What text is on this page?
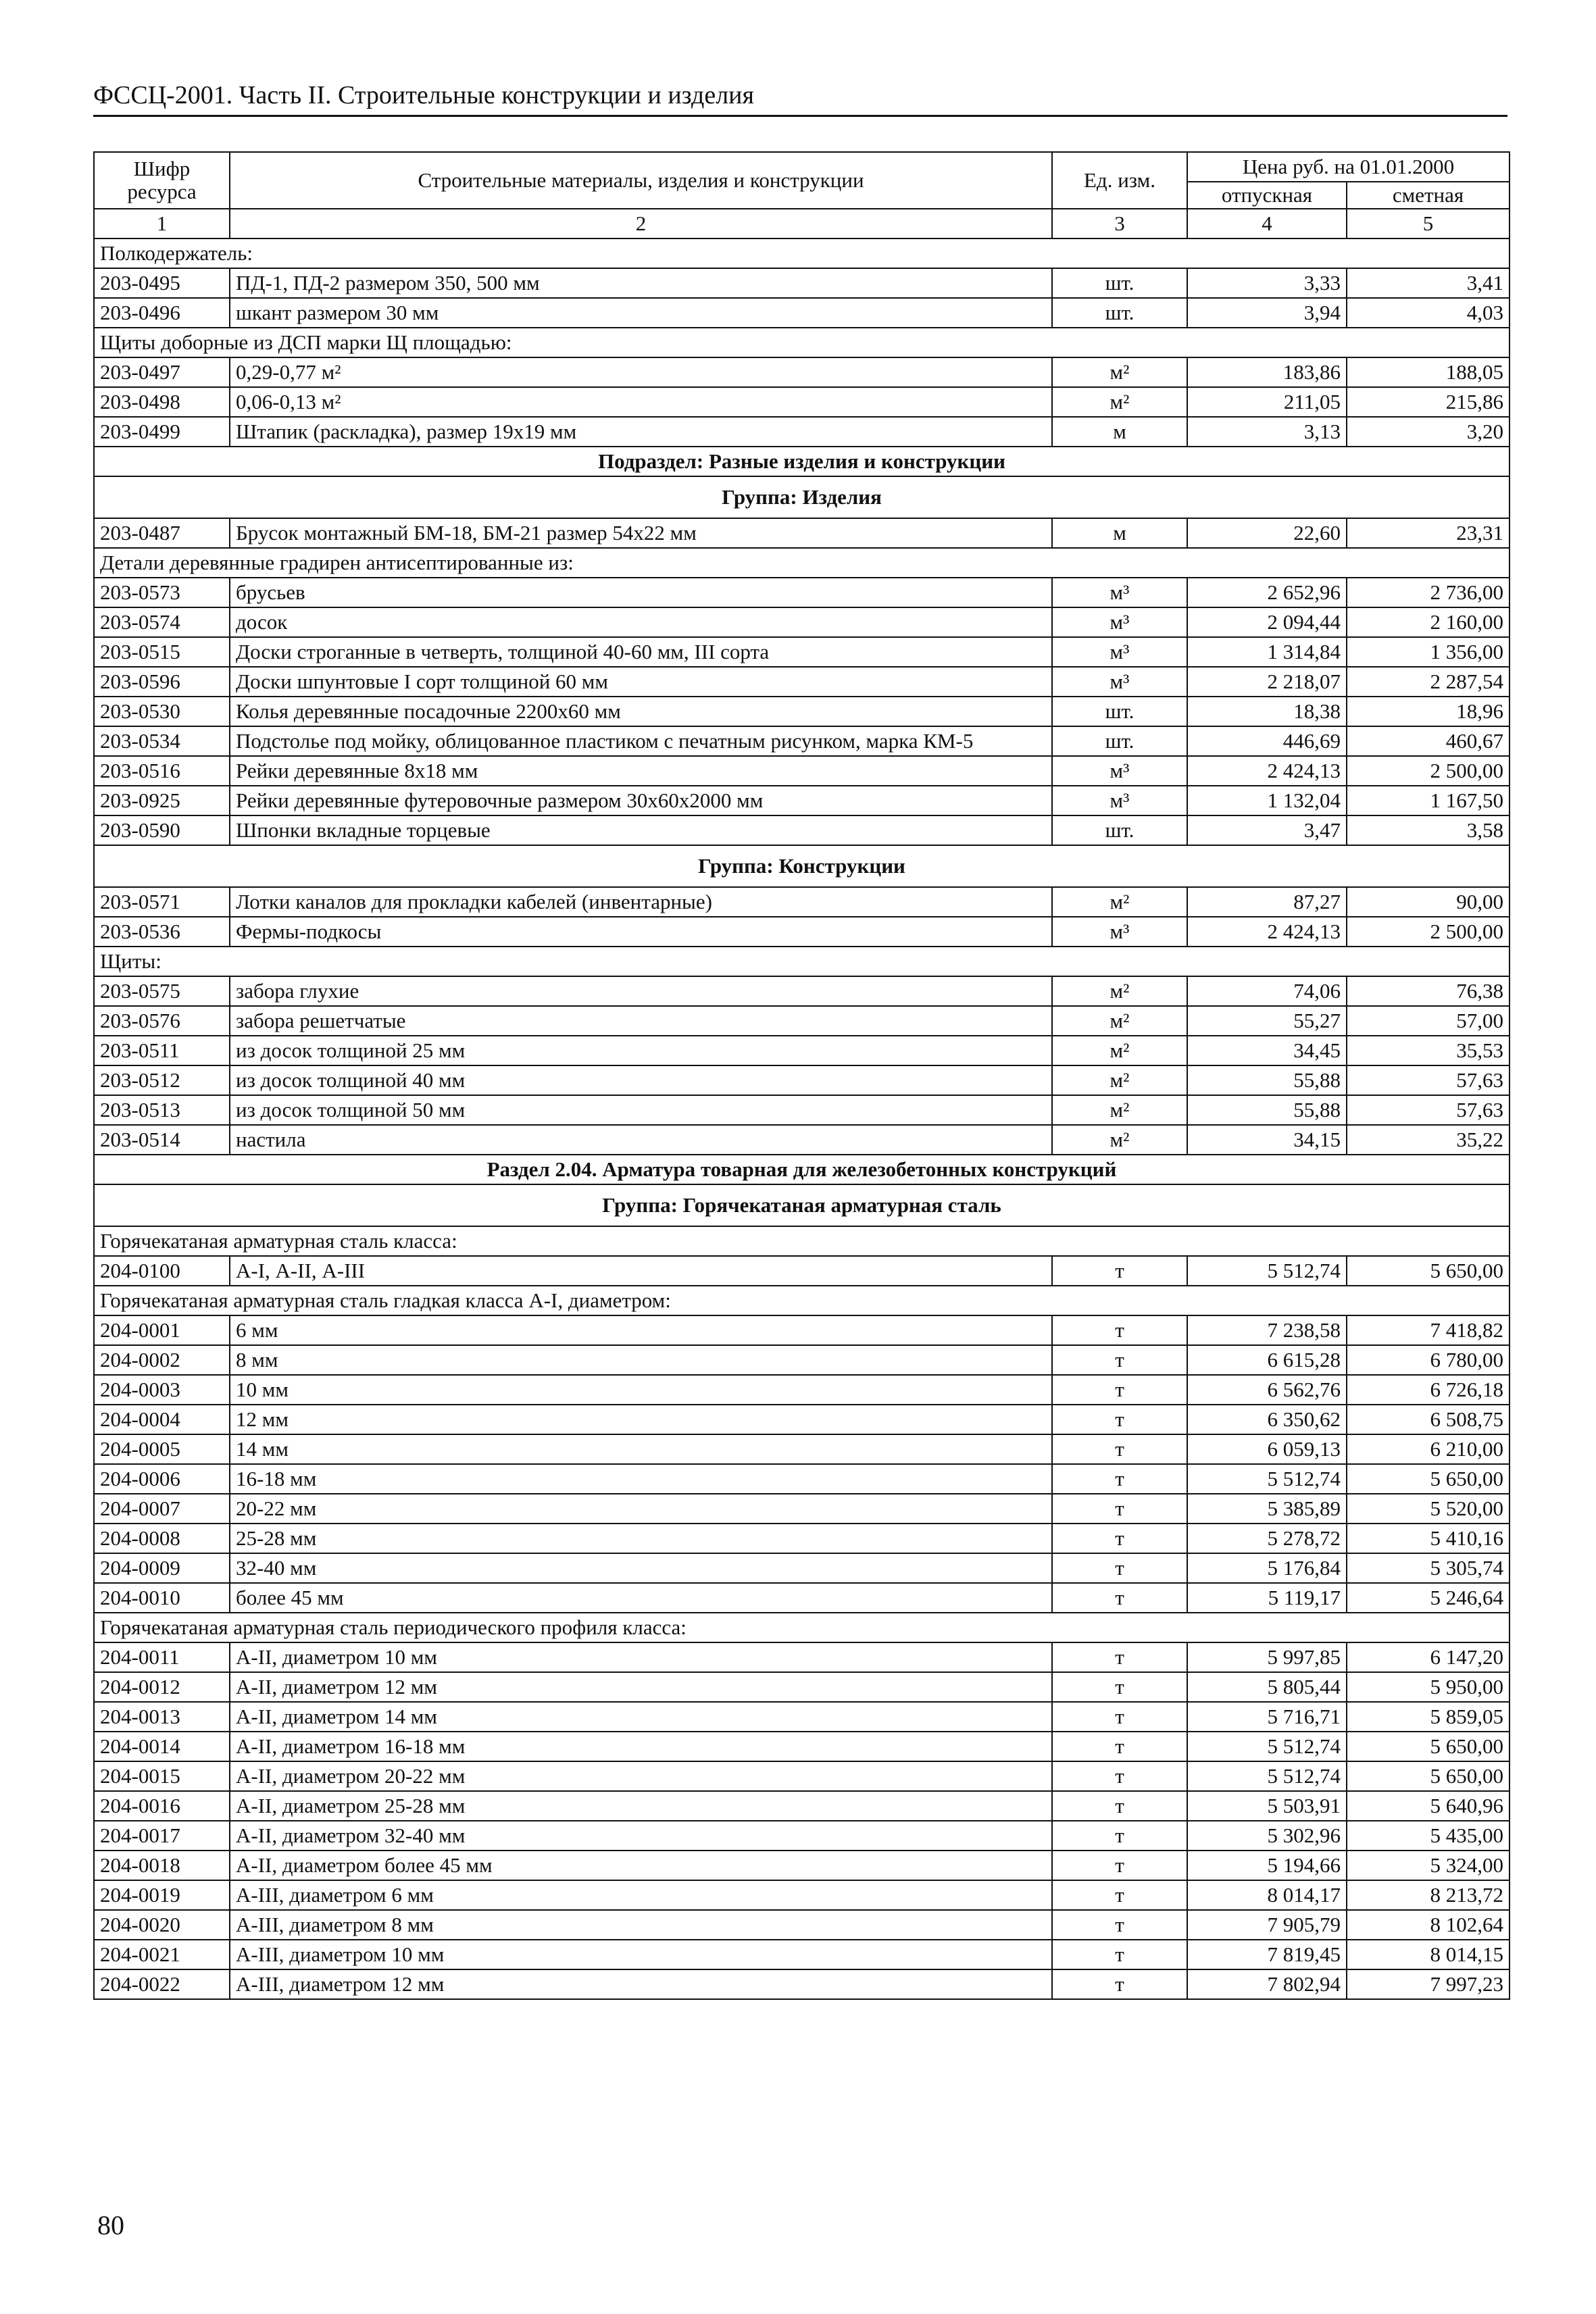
ФССЦ-2001. Часть II. Строительные конструкции и изделия
Шифр ресурса	Строительные материалы, изделия и конструкции	Ед. изм.	Цена руб. на 01.01.2000	
			отпускная	сметная
1	2	3	4	5
Полкодержатель:				
203-0495	ПД-1, ПД-2 размером 350, 500 мм	шт.	3,33	3,41
203-0496	шкант размером 30 мм	шт.	3,94	4,03
Щиты доборные из ДСП марки Щ площадью:				
203-0497	0,29-0,77 м²	м²	183,86	188,05
203-0498	0,06-0,13 м²	м²	211,05	215,86
203-0499	Штапик (раскладка), размер 19x19 мм	м	3,13	3,20
Подраздел: Разные изделия и конструкции				
Группа: Изделия				
203-0487	Брусок монтажный БМ-18, БМ-21 размер 54x22 мм	м	22,60	23,31
Детали деревянные градирен антисептированные из:				
203-0573	брусьев	м³	2 652,96	2 736,00
203-0574	досок	м³	2 094,44	2 160,00
203-0515	Доски строганные в четверть, толщиной 40-60 мм, III сорта	м³	1 314,84	1 356,00
203-0596	Доски шпунтовые I сорт толщиной 60 мм	м³	2 218,07	2 287,54
203-0530	Колья деревянные посадочные 2200x60 мм	шт.	18,38	18,96
203-0534	Подстолье под мойку, облицованное пластиком с печатным рисунком, марка КМ-5	шт.	446,69	460,67
203-0516	Рейки деревянные 8x18 мм	м³	2 424,13	2 500,00
203-0925	Рейки деревянные футеровочные размером 30x60x2000 мм	м³	1 132,04	1 167,50
203-0590	Шпонки вкладные торцевые	шт.	3,47	3,58
Группа: Конструкции				
203-0571	Лотки каналов для прокладки кабелей (инвентарные)	м²	87,27	90,00
203-0536	Фермы-подкосы	м³	2 424,13	2 500,00
Щиты:				
203-0575	забора глухие	м²	74,06	76,38
203-0576	забора решетчатые	м²	55,27	57,00
203-0511	из досок толщиной 25 мм	м²	34,45	35,53
203-0512	из досок толщиной 40 мм	м²	55,88	57,63
203-0513	из досок толщиной 50 мм	м²	55,88	57,63
203-0514	настила	м²	34,15	35,22
Раздел 2.04. Арматура товарная для железобетонных конструкций				
Группа: Горячекатаная арматурная сталь				
Горячекатаная арматурная сталь класса:				
204-0100	А-I, А-II, А-III	т	5 512,74	5 650,00
Горячекатаная арматурная сталь гладкая класса А-I, диаметром:				
204-0001	6 мм	т	7 238,58	7 418,82
204-0002	8 мм	т	6 615,28	6 780,00
204-0003	10 мм	т	6 562,76	6 726,18
204-0004	12 мм	т	6 350,62	6 508,75
204-0005	14 мм	т	6 059,13	6 210,00
204-0006	16-18 мм	т	5 512,74	5 650,00
204-0007	20-22 мм	т	5 385,89	5 520,00
204-0008	25-28 мм	т	5 278,72	5 410,16
204-0009	32-40 мм	т	5 176,84	5 305,74
204-0010	более 45 мм	т	5 119,17	5 246,64
Горячекатаная арматурная сталь периодического профиля класса:				
204-0011	А-II, диаметром 10 мм	т	5 997,85	6 147,20
204-0012	А-II, диаметром 12 мм	т	5 805,44	5 950,00
204-0013	А-II, диаметром 14 мм	т	5 716,71	5 859,05
204-0014	А-II, диаметром 16-18 мм	т	5 512,74	5 650,00
204-0015	А-II, диаметром 20-22 мм	т	5 512,74	5 650,00
204-0016	А-II, диаметром 25-28 мм	т	5 503,91	5 640,96
204-0017	А-II, диаметром 32-40 мм	т	5 302,96	5 435,00
204-0018	А-II, диаметром более 45 мм	т	5 194,66	5 324,00
204-0019	А-III, диаметром 6 мм	т	8 014,17	8 213,72
204-0020	А-III, диаметром 8 мм	т	7 905,79	8 102,64
204-0021	А-III, диаметром 10 мм	т	7 819,45	8 014,15
204-0022	А-III, диаметром 12 мм	т	7 802,94	7 997,23
80
